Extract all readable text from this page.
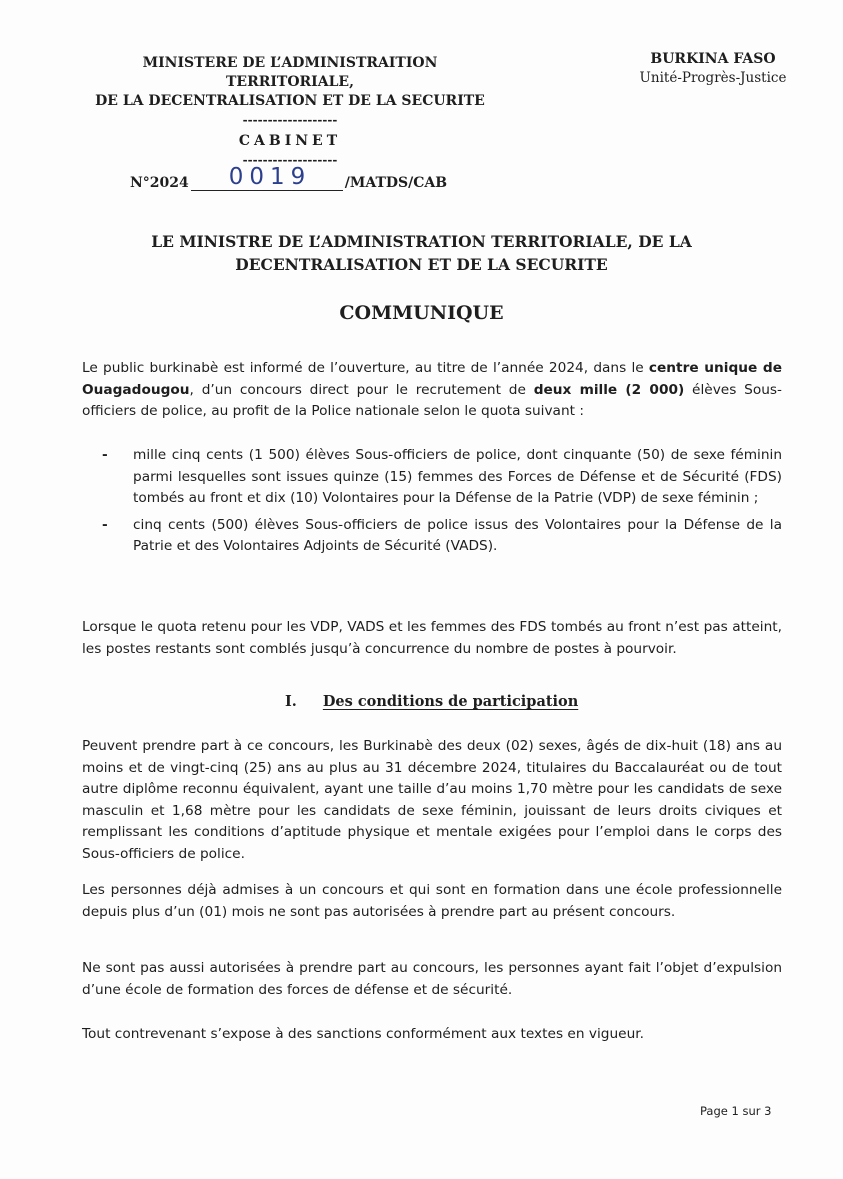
MINISTERE DE L’ADMINISTRAITION TERRITORIALE,
DE LA DECENTRALISATION ET DE LA SECURITE
-------------------
CABINET
-------------------
BURKINA FASO
Unité-Progrès-Justice
N°2024 0019 /MATDS/CAB
LE MINISTRE DE L’ADMINISTRATION TERRITORIALE, DE LA
DECENTRALISATION ET DE LA SECURITE
COMMUNIQUE
Le public burkinabè est informé de l’ouverture, au titre de l’année 2024, dans le centre unique de Ouagadougou, d’un concours direct pour le recrutement de deux mille (2 000) élèves Sous-officiers de police, au profit de la Police nationale selon le quota suivant :
- mille cinq cents (1 500) élèves Sous-officiers de police, dont cinquante (50) de sexe féminin parmi lesquelles sont issues quinze (15) femmes des Forces de Défense et de Sécurité (FDS) tombés au front et dix (10) Volontaires pour la Défense de la Patrie (VDP) de sexe féminin ;
- cinq cents (500) élèves Sous-officiers de police issus des Volontaires pour la Défense de la Patrie et des Volontaires Adjoints de Sécurité (VADS).
Lorsque le quota retenu pour les VDP, VADS et les femmes des FDS tombés au front n’est pas atteint, les postes restants sont comblés jusqu’à concurrence du nombre de postes à pourvoir.
I. Des conditions de participation
Peuvent prendre part à ce concours, les Burkinabè des deux (02) sexes, âgés de dix-huit (18) ans au moins et de vingt-cinq (25) ans au plus au 31 décembre 2024, titulaires du Baccalauréat ou de tout autre diplôme reconnu équivalent, ayant une taille d’au moins 1,70 mètre pour les candidats de sexe masculin et 1,68 mètre pour les candidats de sexe féminin, jouissant de leurs droits civiques et remplissant les conditions d’aptitude physique et mentale exigées pour l’emploi dans le corps des Sous-officiers de police.
Les personnes déjà admises à un concours et qui sont en formation dans une école professionnelle depuis plus d’un (01) mois ne sont pas autorisées à prendre part au présent concours.
Ne sont pas aussi autorisées à prendre part au concours, les personnes ayant fait l’objet d’expulsion d’une école de formation des forces de défense et de sécurité.
Tout contrevenant s’expose à des sanctions conformément aux textes en vigueur.
Page 1 sur 3
